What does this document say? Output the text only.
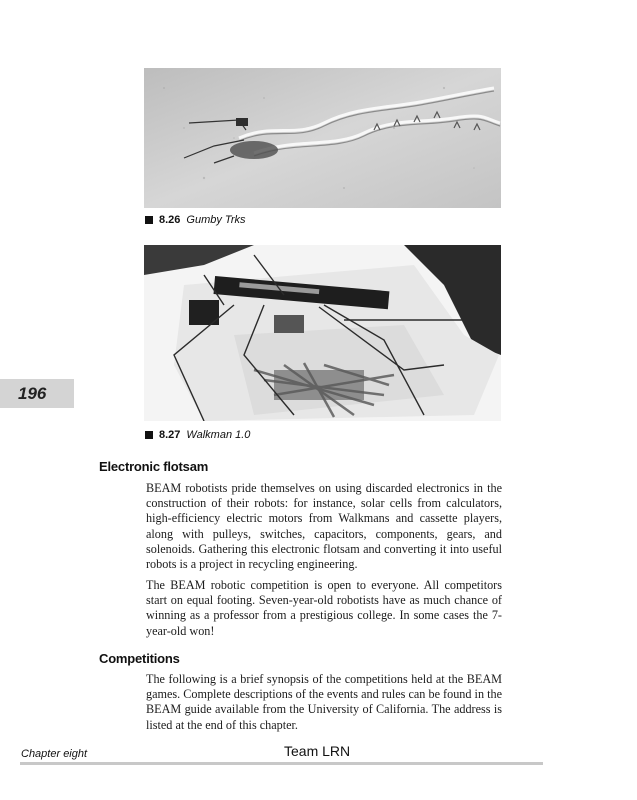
8.26 Gumby Trks
8.27 Walkman 1.0
196
Electronic flotsam

BEAM robotists pride themselves on using discarded electronics in the construction of their robots: for instance, solar cells from calculators, high-efficiency electric motors from Walkmans and cassette players, along with pulleys, switches, capacitors, components, gears, and solenoids. Gathering this electronic flotsam and converting it into useful robots is a project in recycling engineering.

The BEAM robotic competition is open to everyone. All competitors start on equal footing. Seven-year-old robotists have as much chance of winning as a professor from a prestigious college. In some cases the 7-year-old won!

Competitions

The following is a brief synopsis of the competitions held at the BEAM games. Complete descriptions of the events and rules can be found in the BEAM guide available from the University of California. The address is listed at the end of this chapter.

Chapter eight	Team LRN
